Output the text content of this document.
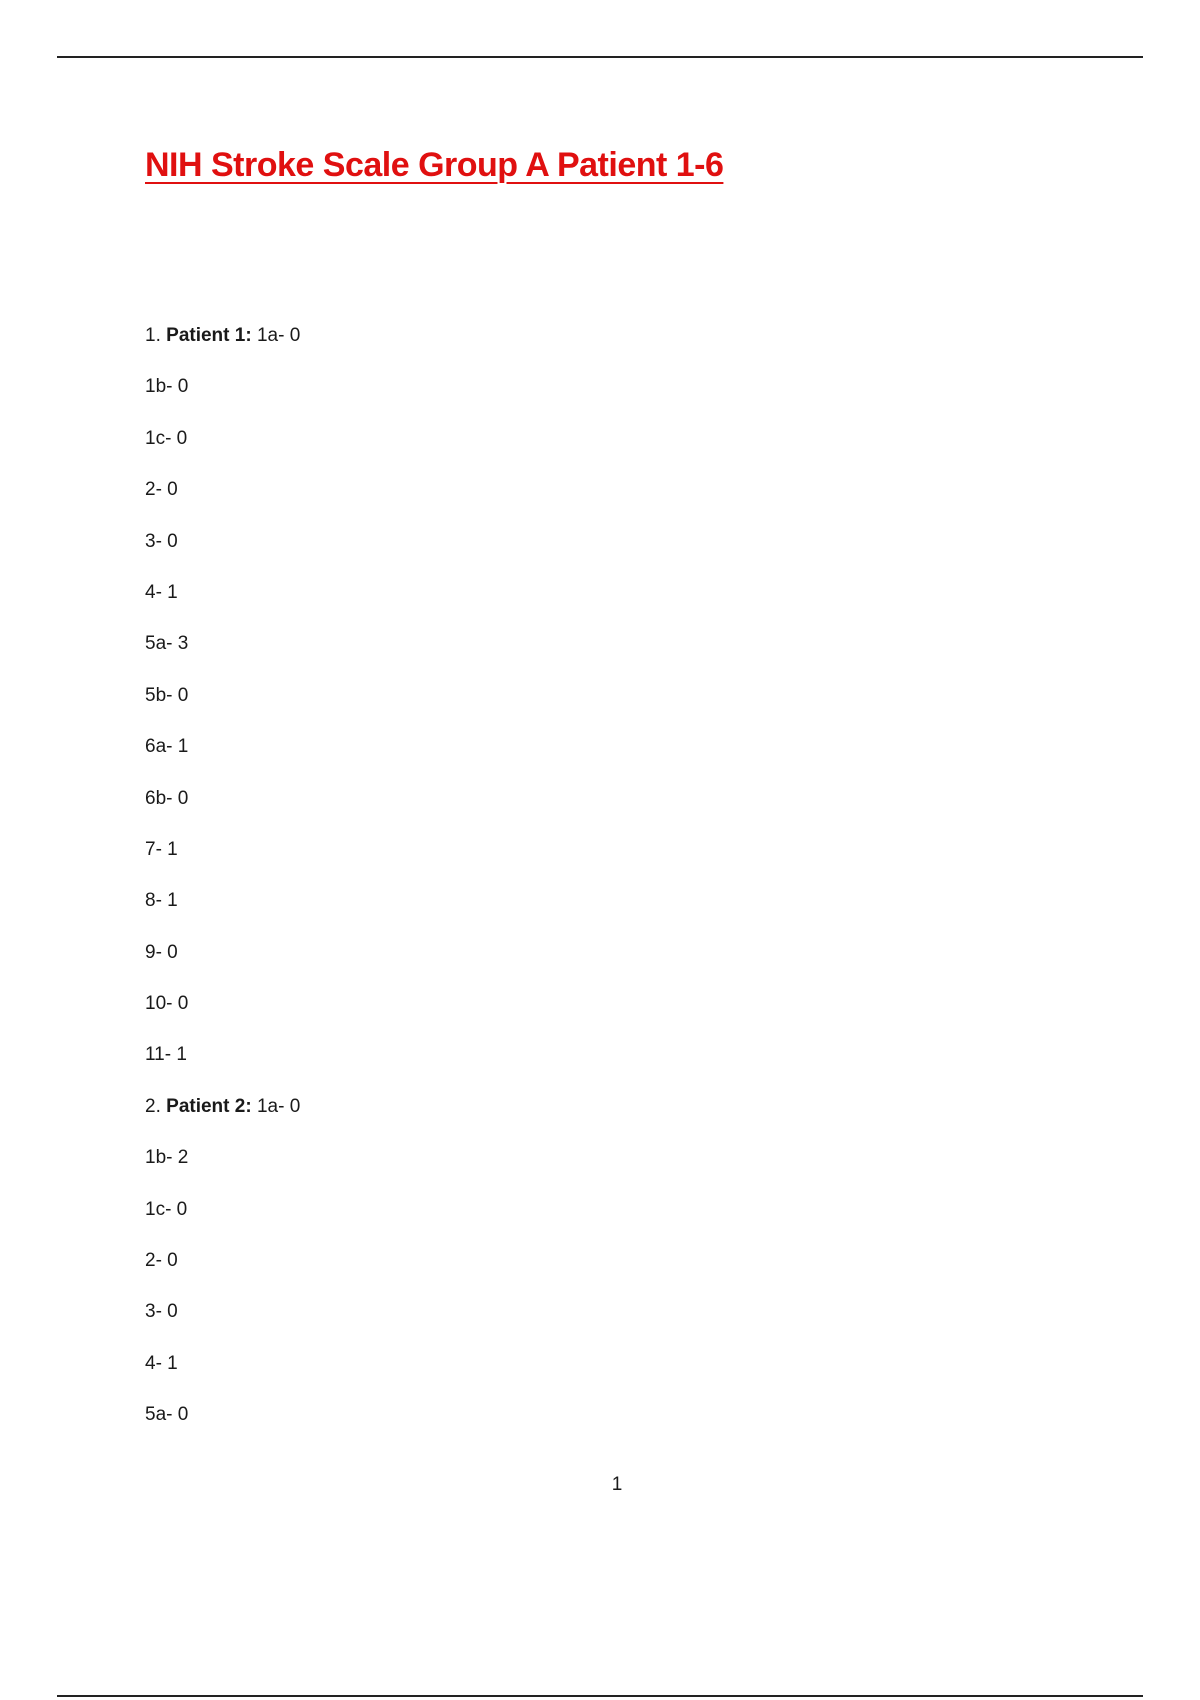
NIH Stroke Scale Group A Patient 1-6
1. Patient 1: 1a- 0
1b- 0
1c- 0
2- 0
3- 0
4- 1
5a- 3
5b- 0
6a- 1
6b- 0
7- 1
8- 1
9- 0
10- 0
11- 1
2. Patient 2: 1a- 0
1b- 2
1c- 0
2- 0
3- 0
4- 1
5a- 0
1
